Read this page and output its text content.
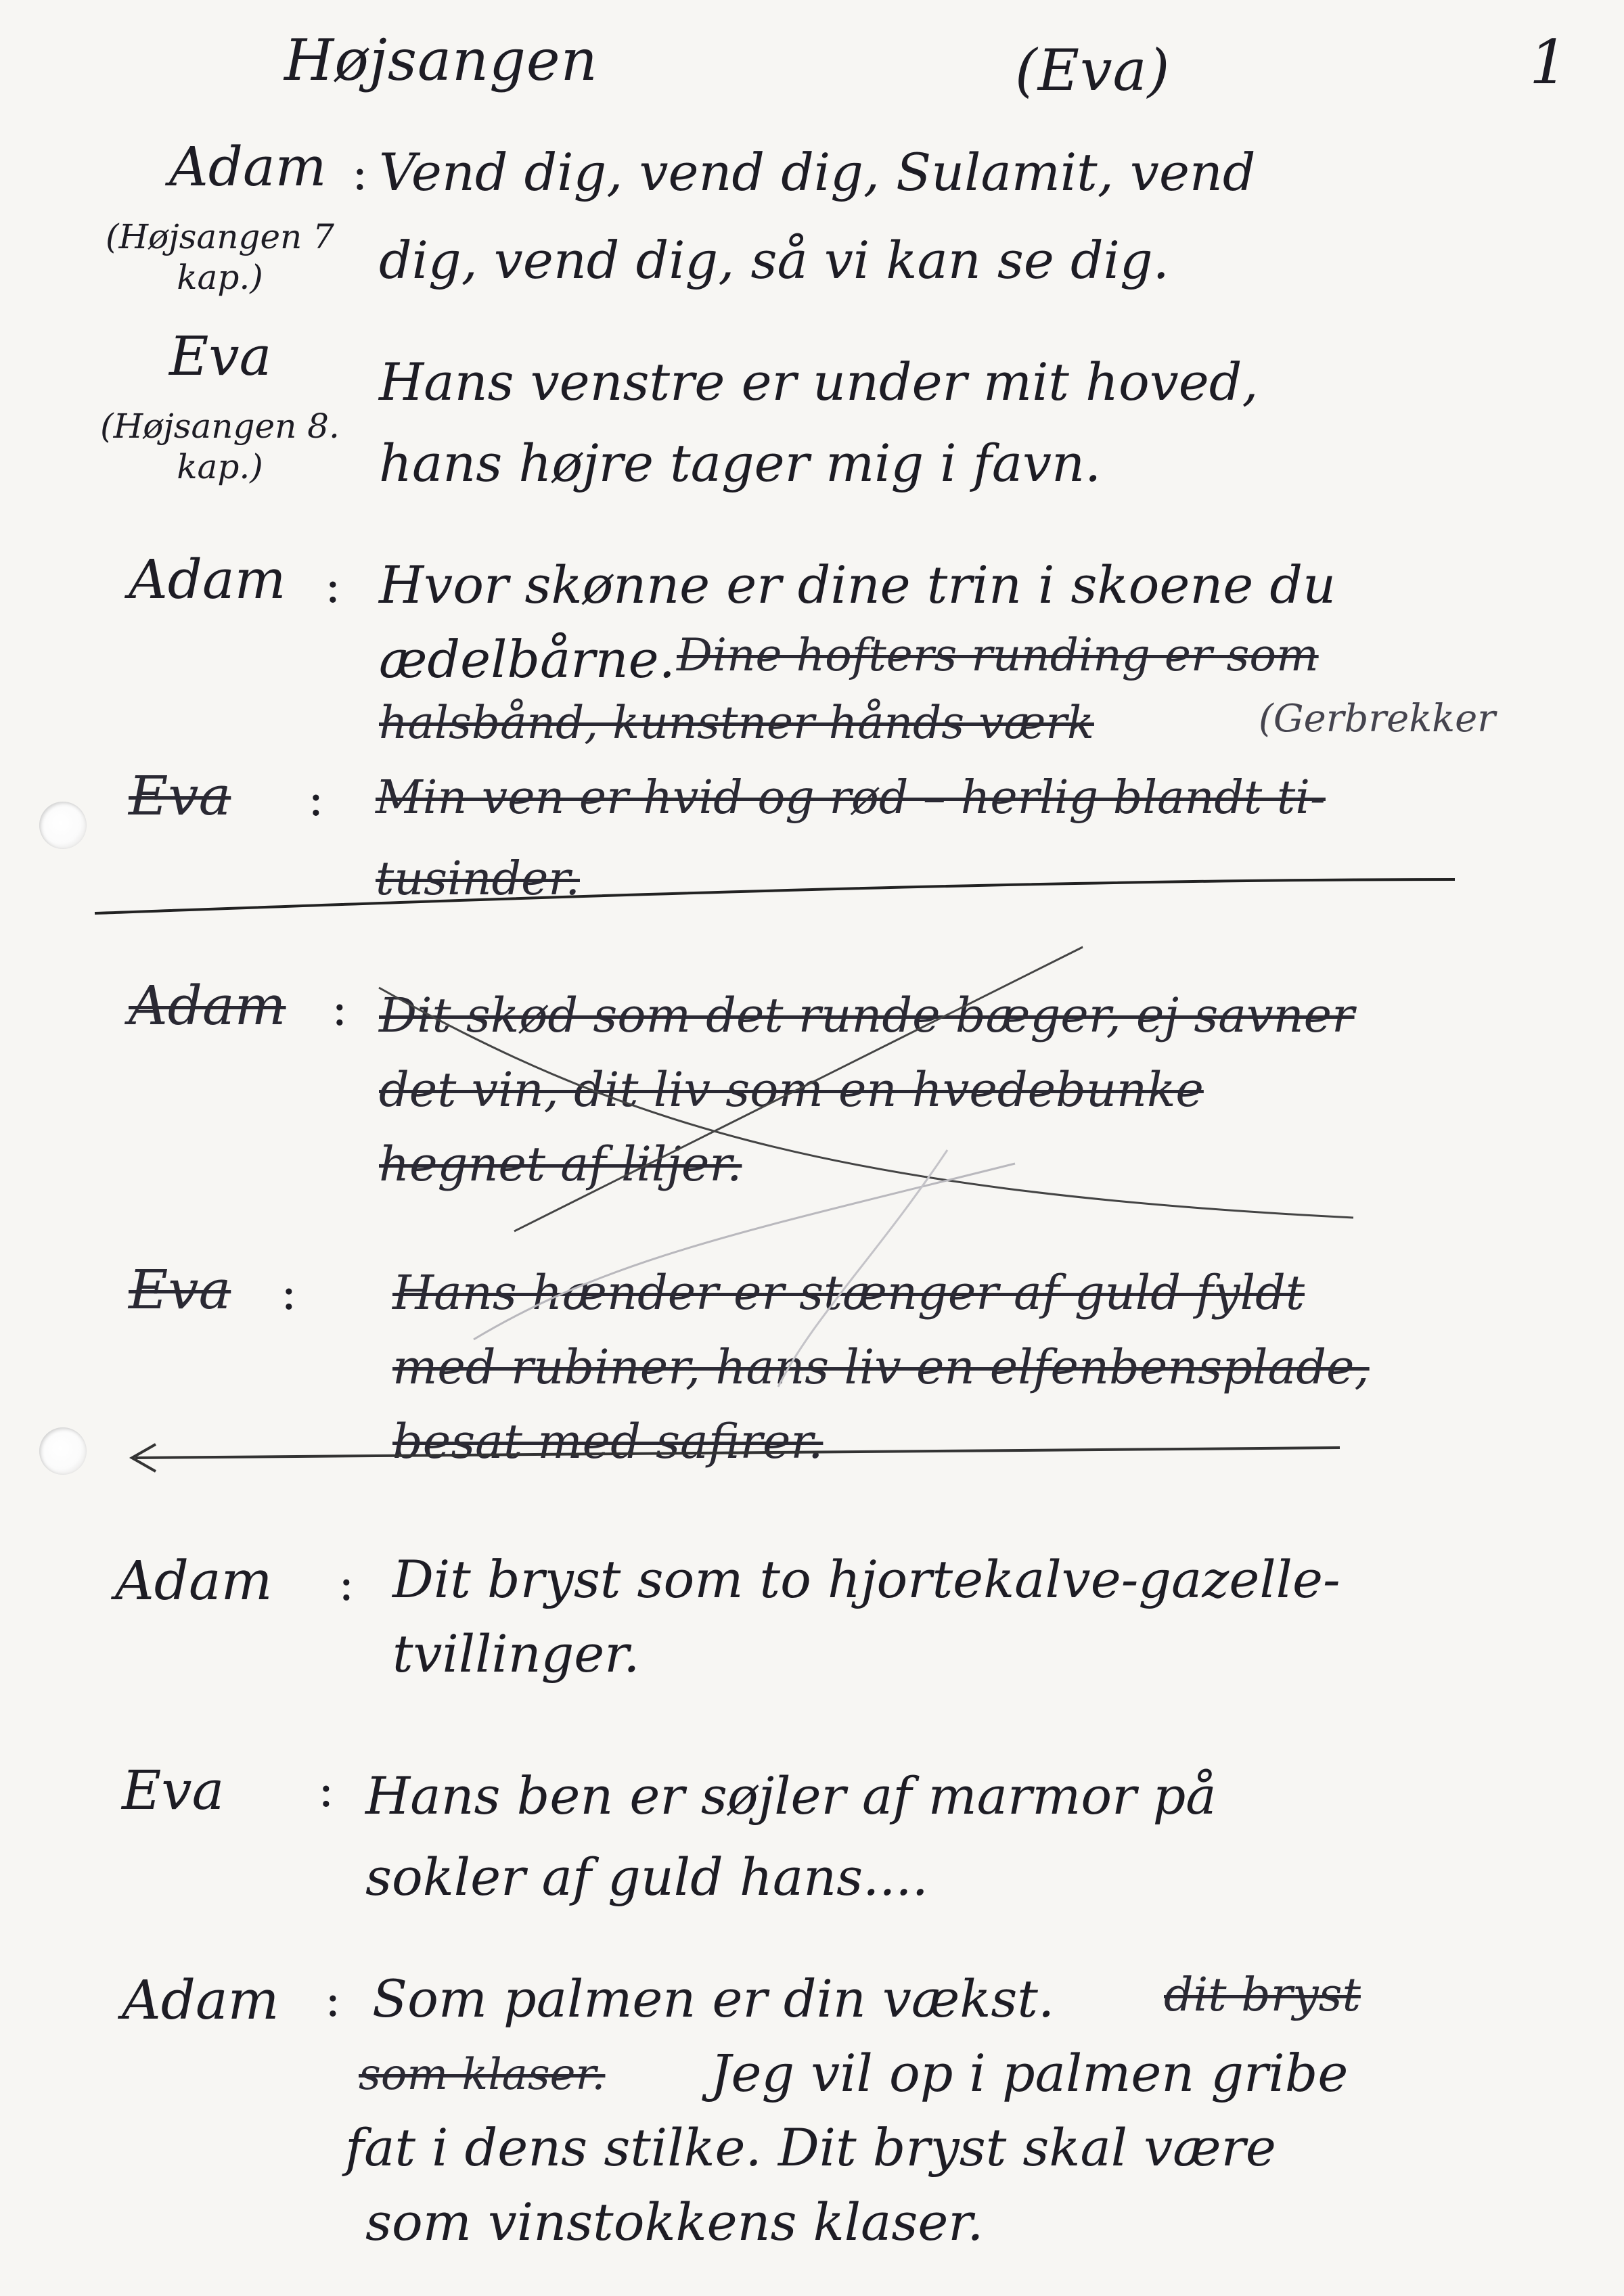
Højsangen	(Eva)	1
Adam :
(Højsangen 7 kap.)
Vend dig, vend dig, Sulamit, vend
dig, vend dig, så vi kan se dig.
Eva
(Højsangen 8. kap.)
Hans venstre er under mit hoved,
hans højre tager mig i favn.
Adam : Hvor skønne er dine trin i skoene du
ædelbårne. Dine hofters runding er som
halsbånd, kunstner hånds værk	(Gerbrekker
Eva : Min ven er hvid og rød – herlig blandt ti-
tusinder.
Adam : Dit skød som det runde bæger, ej savner
det vin, dit liv som en hvedebunke
hegnet af liljer.
Eva : Hans hænder er stænger af guld fyldt
med rubiner, hans liv en elfenbensplade,
besat med safirer.
Adam : Dit bryst som to hjortekalve-gazelle-
tvillinger.
Eva : Hans ben er søjler af marmor på
sokler af guld hans....
Adam : Som palmen er din vækst. dit bryst
som klaser. Jeg vil op i palmen gribe
fat i dens stilke. Dit bryst skal være
som vinstokkens klaser.
